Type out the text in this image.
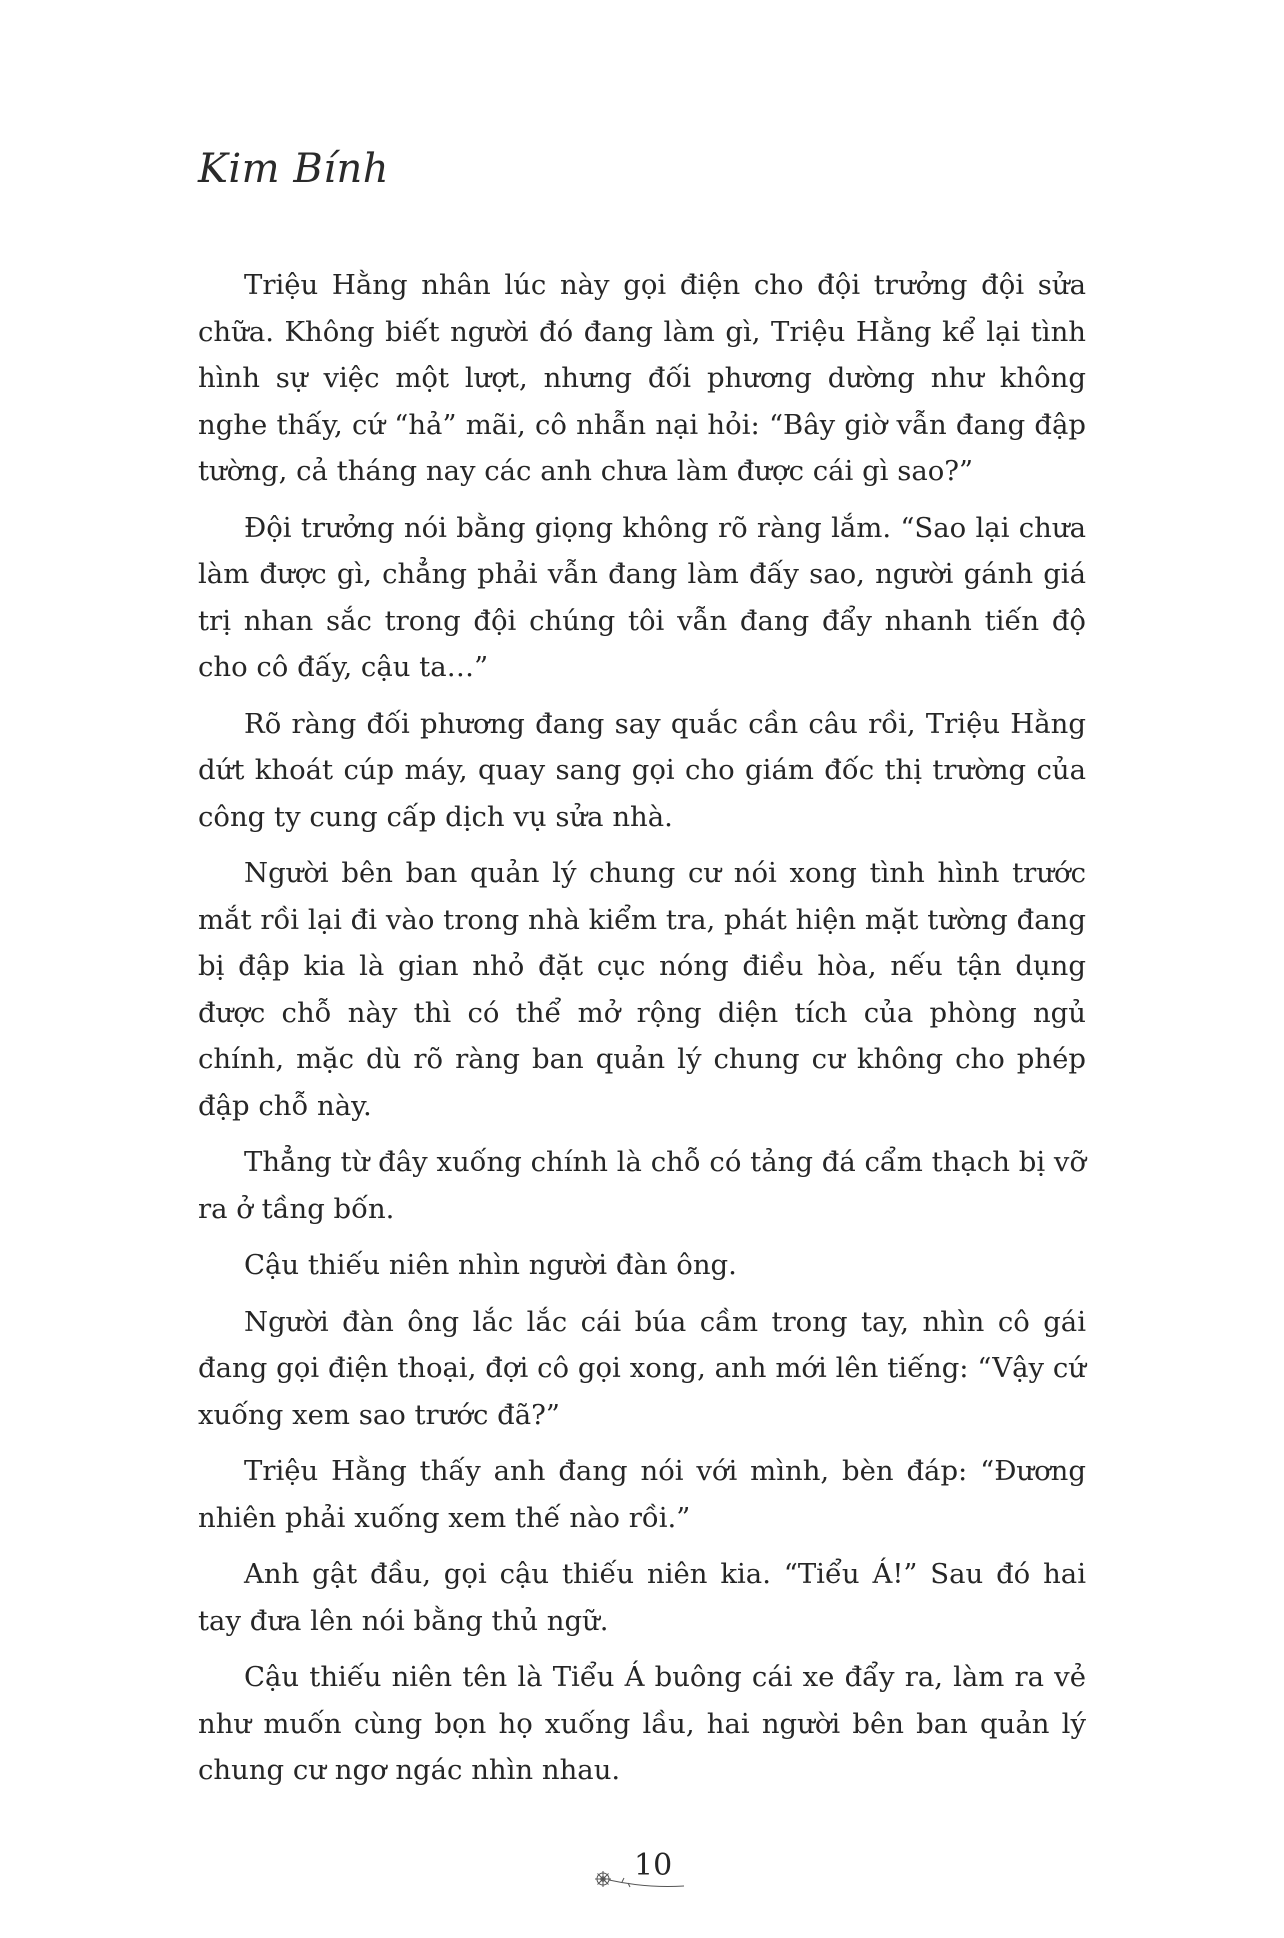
Kim Bính

Triệu Hằng nhân lúc này gọi điện cho đội trưởng đội sửa chữa. Không biết người đó đang làm gì, Triệu Hằng kể lại tình hình sự việc một lượt, nhưng đối phương dường như không nghe thấy, cứ “hả” mãi, cô nhẫn nại hỏi: “Bây giờ vẫn đang đập tường, cả tháng nay các anh chưa làm được cái gì sao?”

Đội trưởng nói bằng giọng không rõ ràng lắm. “Sao lại chưa làm được gì, chẳng phải vẫn đang làm đấy sao, người gánh giá trị nhan sắc trong đội chúng tôi vẫn đang đẩy nhanh tiến độ cho cô đấy, cậu ta…”

Rõ ràng đối phương đang say quắc cần câu rồi, Triệu Hằng dứt khoát cúp máy, quay sang gọi cho giám đốc thị trường của công ty cung cấp dịch vụ sửa nhà.

Người bên ban quản lý chung cư nói xong tình hình trước mắt rồi lại đi vào trong nhà kiểm tra, phát hiện mặt tường đang bị đập kia là gian nhỏ đặt cục nóng điều hòa, nếu tận dụng được chỗ này thì có thể mở rộng diện tích của phòng ngủ chính, mặc dù rõ ràng ban quản lý chung cư không cho phép đập chỗ này.

Thẳng từ đây xuống chính là chỗ có tảng đá cẩm thạch bị vỡ ra ở tầng bốn.

Cậu thiếu niên nhìn người đàn ông.

Người đàn ông lắc lắc cái búa cầm trong tay, nhìn cô gái đang gọi điện thoại, đợi cô gọi xong, anh mới lên tiếng: “Vậy cứ xuống xem sao trước đã?”

Triệu Hằng thấy anh đang nói với mình, bèn đáp: “Đương nhiên phải xuống xem thế nào rồi.”

Anh gật đầu, gọi cậu thiếu niên kia. “Tiểu Á!” Sau đó hai tay đưa lên nói bằng thủ ngữ.

Cậu thiếu niên tên là Tiểu Á buông cái xe đẩy ra, làm ra vẻ như muốn cùng bọn họ xuống lầu, hai người bên ban quản lý chung cư ngơ ngác nhìn nhau.

10
